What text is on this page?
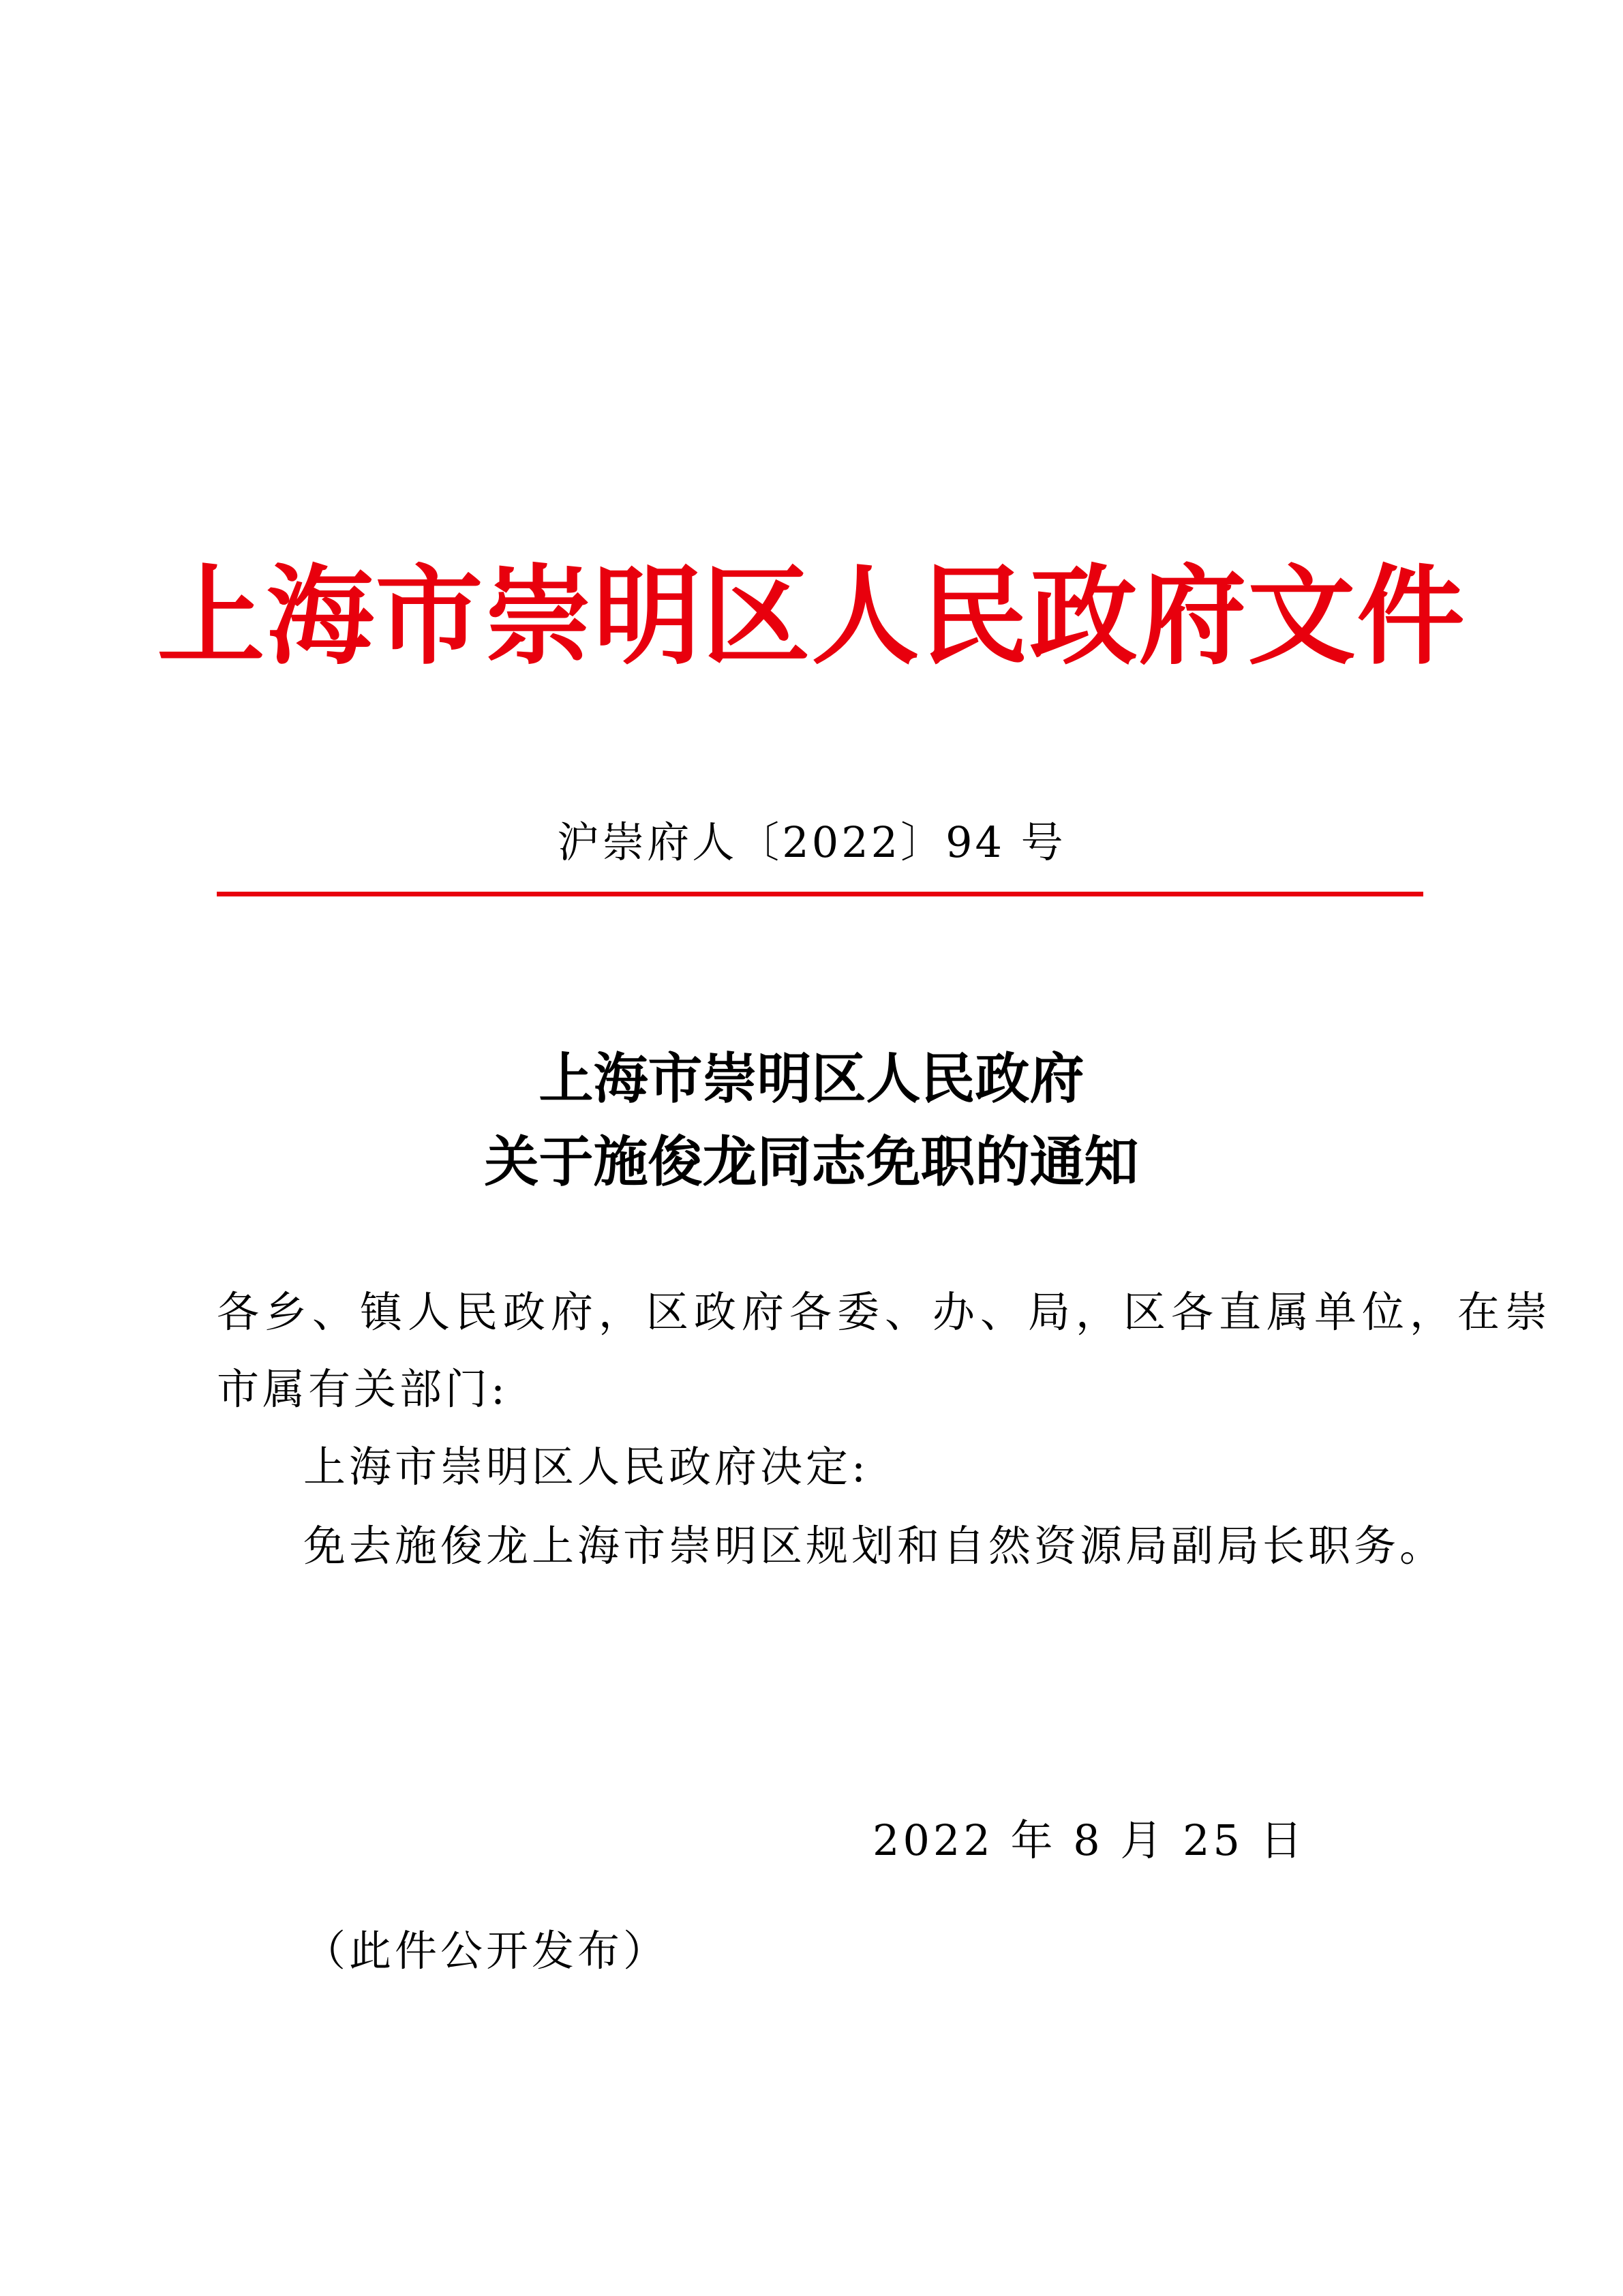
上海市崇明区人民政府文件
沪崇府人〔2022〕94 号
上海市崇明区人民政府
关于施俊龙同志免职的通知
各乡、镇人民政府，区政府各委、办、局，区各直属单位，在崇
市属有关部门:
上海市崇明区人民政府决定:
免去施俊龙上海市崇明区规划和自然资源局副局长职务。
2022 年 8 月 25 日
（此件公开发布）
